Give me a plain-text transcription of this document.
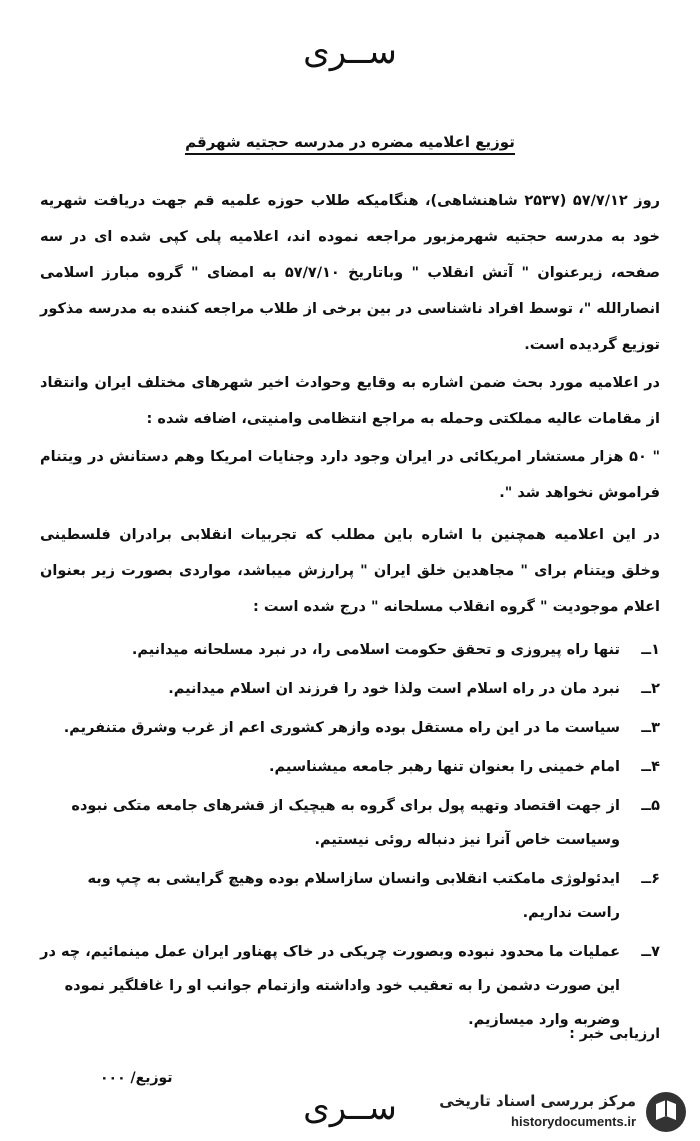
ســری
توزیع اعلامیه مضره در مدرسه حجتیه شهرقم

روز ۵۷/۷/۱۲ (۲۵۳۷ شاهنشاهی)، هنگامیکه طلاب حوزه علمیه قم جهت دریافت شهریه خود به مدرسه حجتیه شهرمزبور مراجعه نموده اند، اعلامیه پلی کپی شده ای در سه صفحه، زیرعنوان " آتش انقلاب " وباتاریخ ۵۷/۷/۱۰ به امضای " گروه مبارز اسلامی انصارالله "، توسط افراد ناشناسی در بین برخی از طلاب مراجعه کننده به مدرسه مذکور توزیع گردیده است.

در اعلامیه مورد بحث ضمن اشاره به وقایع وحوادث اخیر شهرهای مختلف ایران وانتقاد از مقامات عالیه مملکتی وحمله به مراجع انتظامی وامنیتی، اضافه شده :

" ۵۰ هزار مستشار امریکائی در ایران وجود دارد وجنایات امریکا وهم دستانش در ویتنام فراموش نخواهد شد ".

در این اعلامیه همچنین با اشاره باین مطلب که تجربیات انقلابی برادران فلسطینی وخلق ویتنام برای " مجاهدین خلق ایران " پرارزش میباشد، مواردی بصورت زیر بعنوان اعلام موجودیت " گروه انقلاب مسلحانه " درج شده است :

۱ــ
تنها راه پیروزی و تحقق حکومت اسلامی را، در نبرد مسلحانه میدانیم.
۲ــ
نبرد مان در راه اسلام است ولذا خود را فرزند ان اسلام میدانیم.
۳ــ
سیاست ما در این راه مستقل بوده وازهر کشوری اعم از غرب وشرق متنفریم.
۴ــ
امام خمینی را بعنوان تنها رهبر جامعه میشناسیم.
۵ــ
از جهت اقتصاد وتهیه پول برای گروه به هیچیک از قشرهای جامعه متکی نبوده وسیاست خاص آنرا نیز دنباله روئی نیستیم.
۶ــ
ایدئولوژی مامکتب انقلابی وانسان سازاسلام بوده وهیچ گرایشی به چپ وبه راست نداریم.
۷ــ
عملیات ما محدود نبوده وبصورت چریکی در خاک پهناور ایران عمل مینمائیم، چه در این صورت دشمن را به تعقیب خود واداشته وازتمام جوانب او را غافلگیر نموده وضربه وارد میسازیم.
ارزیابی خبر :
توزیع/ ۰۰۰
ســری	مرکز بررسی اسناد تاریخی
historydocuments.ir
